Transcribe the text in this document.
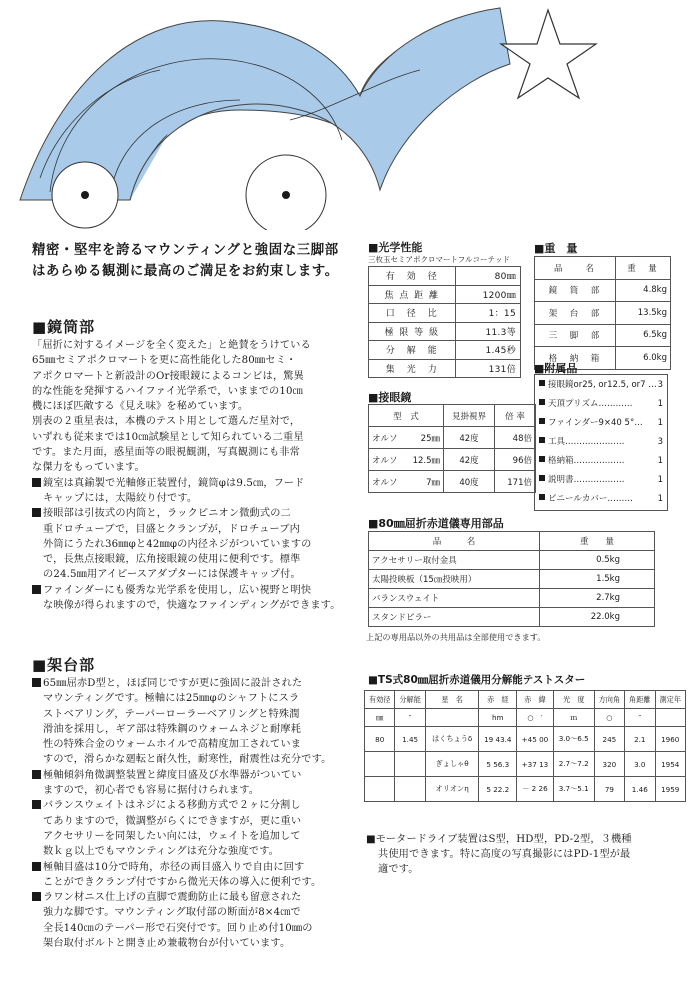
精密・堅牢を誇るマウンティングと強固な三脚部
はあらゆる観測に最高のご満足をお約束します。
■鏡筒部
「屈折に対するイメージを全く変えた」と絶賛をうけている
65㎜セミアポクロマートを更に高性能化した80㎜セミ・
アポクロマートと新設計のOr接眼鏡によるコンビは，驚異
的な性能を発揮するハイファイ光学系で，いままでの10㎝
機にほぼ匹敵する《見え味》を秘めています。
別表の２重星表は，本機のテスト用として選んだ星対で，
いずれも従来までは10㎝試験星として知られている二重星
です。また月面，惑星面等の眼視観測，写真観測にも非常
な傑力をもっています。
鏡室は真鍮製で光軸修正装置付，鏡筒φは9.5㎝，フード
キャップには，太陽絞り付です。
接眼部は引抜式の内筒と，ラックピニオン微動式の二
重ドロチューブで，目盛とクランプが，ドロチューブ内
外筒にうたれ36㎜φと42㎜φの内径ネジがついていますの
で，長焦点接眼鏡，広角接眼鏡の使用に便利です。標準
の24.5㎜用アイピースアダプターには保護キャップ付。
ファインダーにも優秀な光学系を使用し，広い視野と明快
な映像が得られますので，快適なファインディングができます。
■架台部
65㎜屈赤D型と，ほぼ同じですが更に強固に設計された
マウンティングです。極軸には25㎜φのシャフトにスラ
ストベアリング，テーパーローラーベアリングと特殊潤
滑油を採用し，ギア部は特殊鋼のウォームネジと耐摩耗
性の特殊合金のウォームホイルで高精度加工されていま
すので，滑らかな廻転と耐久性，耐寒性，耐震性は充分です。
極軸傾斜角微調整装置と緯度目盛及び水準器がついてい
ますので，初心者でも容易に据付けられます。
バランスウェイトはネジによる移動方式で２ヶに分割し
てありますので，微調整がらくにできますが，更に重い
アクセサリーを同架したい向には，ウェイトを追加して
数ｋｇ以上でもマウンティングは充分な強度です。
極軸目盛は10分で時角，赤径の両目盛入りで自由に回す
ことができクランプ付ですから微光天体の導入に便利です。
ラワン材ニス仕上げの直脚で震動防止に最も留意された
強力な脚です。マウンティング取付部の断面が8×4㎝で
全長140㎝のテーパー形で石突付です。回り止め付10㎜の
架台取付ボルトと開き止め兼載物台が付いています。
■光学性能
三枚玉セミアポクロマートフルコーテッド
有　効　径	80㎜
焦 点 距 離	1200㎜
口　径　比	1：15
極 限 等 級	11.3等
分　解　能	1.45秒
集　光　力	131倍
■接眼鏡
型　式		見掛視界	倍 率
オルソ	25㎜	42度	48倍
オルソ	12.5㎜	42度	96倍
オルソ	7㎜	40度	171倍
■重　量
品　　名	重　量
鏡　筒　部	4.8kg
架　台　部	13.5kg
三　脚　部	6.5kg
格　納　箱	6.0kg
■附属品
接眼鏡or25, or12.5, or7 … 3
天頂プリズム…………	1
ファインダー9×40 5°… 1
工具…………………	3
格納箱………………	1
説明書………………	1
ビニールカバー………	1
■80㎜屈折赤道儀専用部品
品　　　名	重　　量
アクセサリー取付金具	0.5kg
太陽投映板（15㎝投映用）	1.5kg
バランスウェイト	2.7kg
スタンドピラー	22.0kg
上記の専用品以外の共用品は全部使用できます。
■TS式80㎜屈折赤道儀用分解能テストスター
有効径	分解能	星　名	赤　経	赤　緯	光　度	方向角	角距離	測定年
㎜	″		hm	○　′	ｍ	○	″	
80	1.45	はくちょうδ	19 43.4	+45 00	3.0～6.5	245	2.1	1960
		ぎょしゃθ	5 56.3	+37 13	2.7～7.2	320	3.0	1954
		オリオンη	5 22.2	－ 2 26	3.7～5.1	79	1.46	1959
■モータードライブ装置はS型，HD型，PD-2型，３機種
共使用できます。特に高度の写真撮影にはPD-1型が最
適です。
